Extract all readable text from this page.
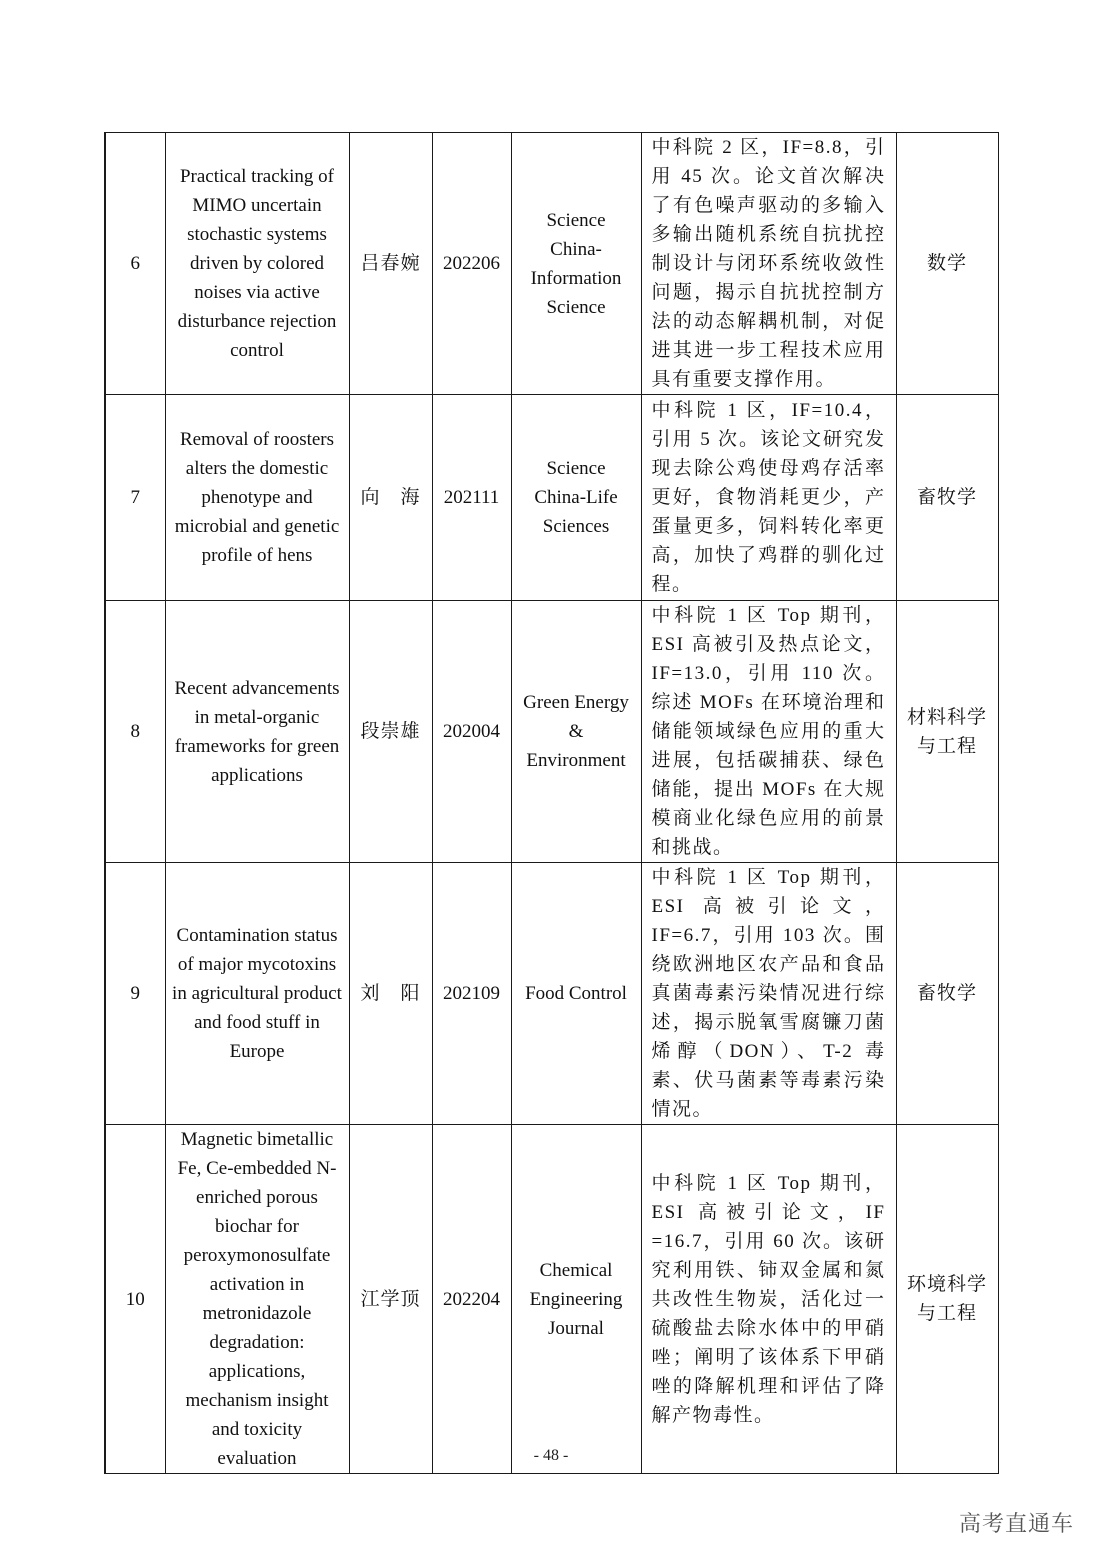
6	Practical tracking of MIMO uncertain stochastic systems driven by colored noises via active disturbance rejection control	吕春婉	202206	Science China-Information Science	中科院 2 区，IF=8.8，引用 45 次。论文首次解决了有色噪声驱动的多输入多输出随机系统自抗扰控制设计与闭环系统收敛性问题，揭示自抗扰控制方法的动态解耦机制，对促进其进一步工程技术应用具有重要支撑作用。	数学
7	Removal of roosters alters the domestic phenotype and microbial and genetic profile of hens	向　海	202111	Science China-Life Sciences	中科院 1 区，IF=10.4，引用 5 次。该论文研究发现去除公鸡使母鸡存活率更好，食物消耗更少，产蛋量更多，饲料转化率更高，加快了鸡群的驯化过程。	畜牧学
8	Recent advancements in metal-organic frameworks for green applications	段崇雄	202004	Green Energy & Environment	中科院 1 区 Top 期刊，ESI 高被引及热点论文，IF=13.0，引用 110 次。综述 MOFs 在环境治理和储能领域绿色应用的重大进展，包括碳捕获、绿色储能，提出 MOFs 在大规模商业化绿色应用的前景和挑战。	材料科学与工程
9	Contamination status of major mycotoxins in agricultural product and food stuff in Europe	刘　阳	202109	Food Control	中科院 1 区 Top 期刊，ESI 高被引论文，IF=6.7，引用 103 次。围绕欧洲地区农产品和食品真菌毒素污染情况进行综述，揭示脱氧雪腐镰刀菌烯醇（DON）、T-2 毒素、伏马菌素等毒素污染情况。	畜牧学
10	Magnetic bimetallic Fe, Ce-embedded N-enriched porous biochar for peroxymonosulfate activation in metronidazole degradation: applications, mechanism insight and toxicity evaluation	江学顶	202204	Chemical Engineering Journal	中科院 1 区 Top 期刊，ESI 高被引论文，IF =16.7，引用 60 次。该研究利用铁、铈双金属和氮共改性生物炭，活化过一硫酸盐去除水体中的甲硝唑；阐明了该体系下甲硝唑的降解机理和评估了降解产物毒性。	环境科学与工程
- 48 -
高考直通车
